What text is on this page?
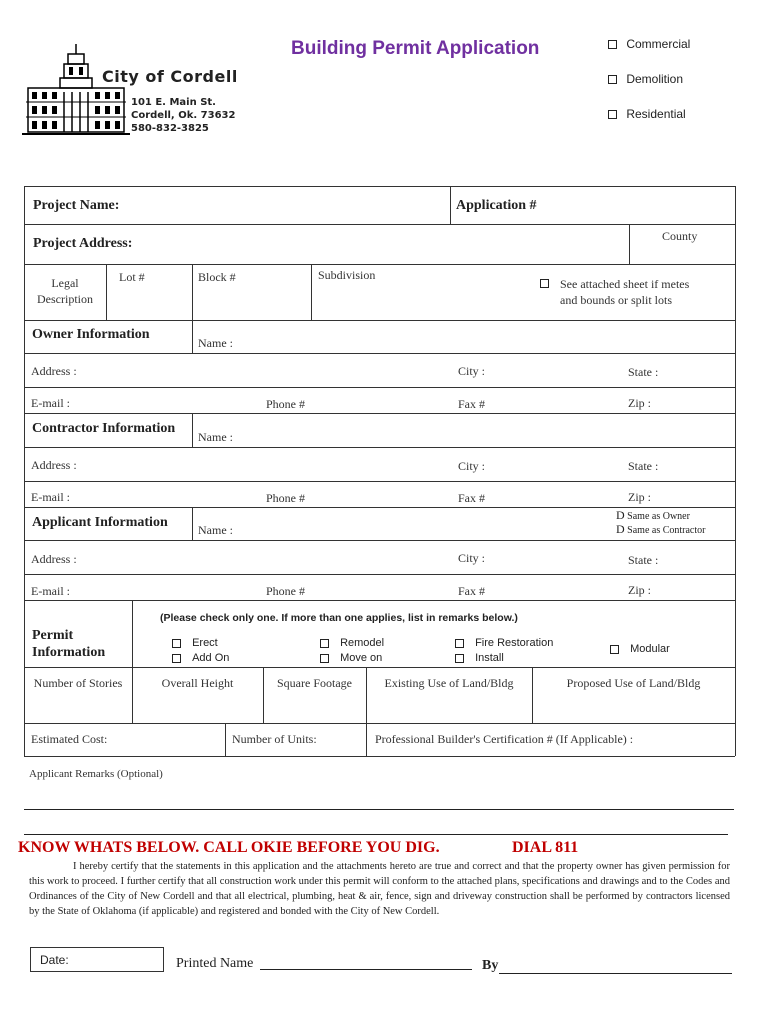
City of Cordell
101 E. Main St.
Cordell, Ok. 73632
580-832-3825
Building Permit Application	Commercial
Demolition
Residential
Project Name:	Application #
Project Address:	County
Legal
Description
Lot #	Block #	Subdivision

See attached sheet if metes
and bounds or split lots
Owner Information
Name :
Address :	City :	State :
E-mail :	Phone #	Fax #	Zip :
Contractor Information
Name :
Address :	City :	State :
E-mail :	Phone #	Fax #	Zip :
Applicant Information	Name :
D Same as Owner
D Same as Contractor
Address :	City :	State :
E-mail :	Phone #	Fax #	Zip :
Permit
Information
(Please check only one. If more than one applies, list in remarks below.)
Erect
Add On
Remodel
Move on
Fire Restoration
Install
Modular
Number of Stories	Overall Height	Square Footage	Existing Use of Land/Bldg	Proposed Use of Land/Bldg
Estimated Cost:	Number of Units:	Professional Builder's Certification # (If Applicable) :
Applicant Remarks (Optional)
KNOW WHATS BELOW. CALL OKIE BEFORE YOU DIG.	DIAL 811
I hereby certify that the statements in this application and the attachments hereto are true and correct and that the property owner has given permission for this work to proceed. I further certify that all construction work under this permit will conform to the attached plans, specifications and drawings and to the Codes and Ordinances of the City of New Cordell and that all electrical, plumbing, heat & air, fence, sign and driveway construction shall be performed by contractors licensed by the State of Oklahoma (if applicable) and registered and bonded with the City of New Cordell.
Date:	Printed Name	By
